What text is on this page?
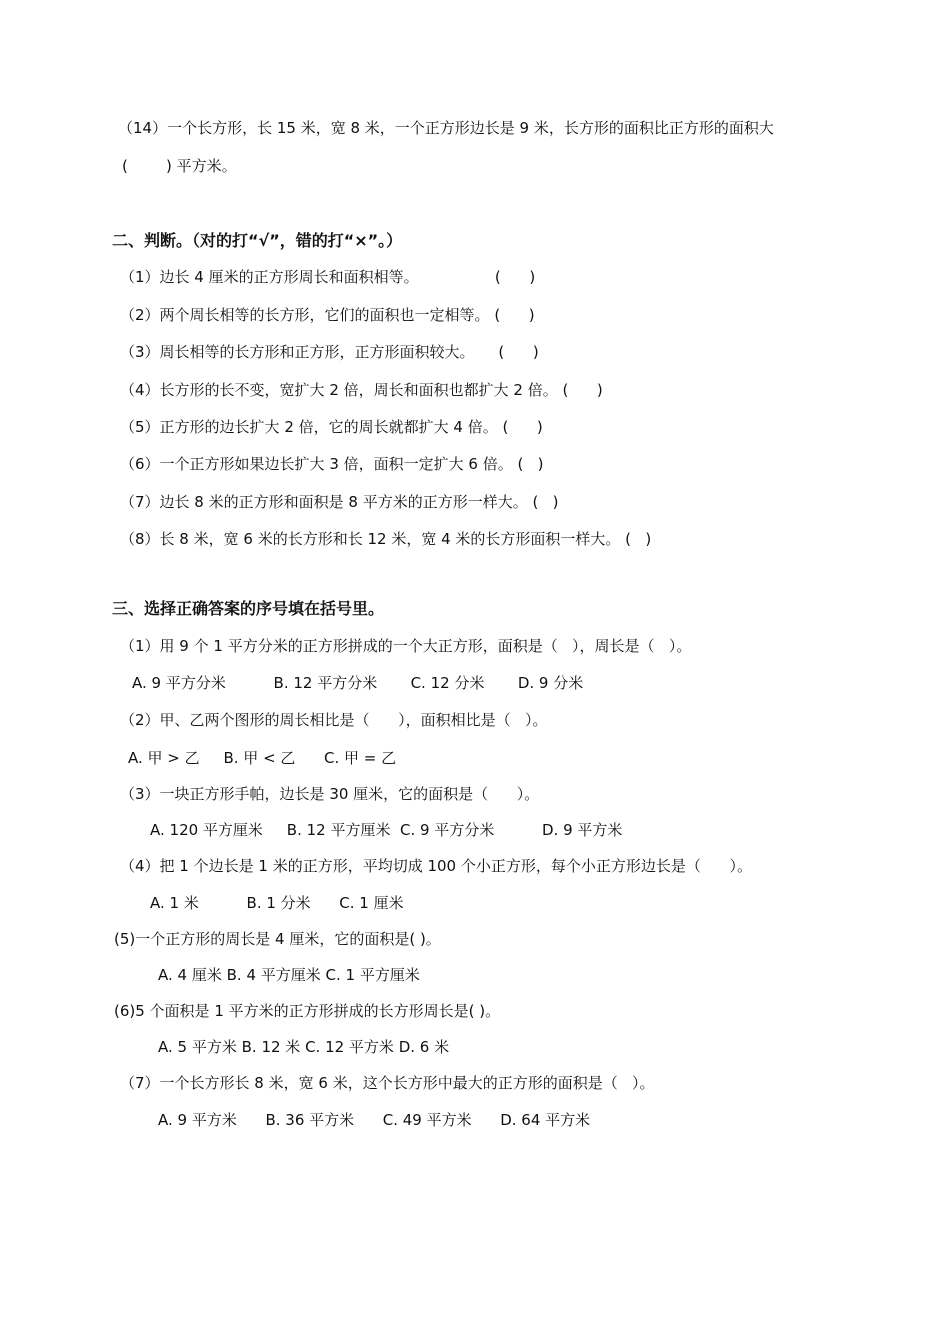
（14）一个长方形，长 15 米，宽 8 米，一个正方形边长是 9 米，长方形的面积比正方形的面积大
(        ) 平方米。
二、判断。（对的打“√”，错的打“×”。）
（1）边长 4 厘米的正方形周长和面积相等。                (      )
（2）两个周长相等的长方形，它们的面积也一定相等。 (      )
（3）周长相等的长方形和正方形，正方形面积较大。     (      )
（4）长方形的长不变，宽扩大 2 倍，周长和面积也都扩大 2 倍。 (      )
（5）正方形的边长扩大 2 倍，它的周长就都扩大 4 倍。 (      )
（6）一个正方形如果边长扩大 3 倍，面积一定扩大 6 倍。 (   )
（7）边长 8 米的正方形和面积是 8 平方米的正方形一样大。 (   )
（8）长 8 米，宽 6 米的长方形和长 12 米，宽 4 米的长方形面积一样大。 (   )
三、选择正确答案的序号填在括号里。
（1）用 9 个 1 平方分米的正方形拼成的一个大正方形，面积是（   ），周长是（   ）。
A. 9 平方分米          B. 12 平方分米       C. 12 分米       D. 9 分米
（2）甲、乙两个图形的周长相比是（      ），面积相比是（   ）。
A. 甲 > 乙     B. 甲 < 乙      C. 甲 = 乙
（3）一块正方形手帕，边长是 30 厘米，它的面积是（      ）。
A. 120 平方厘米     B. 12 平方厘米  C. 9 平方分米          D. 9 平方米
（4）把 1 个边长是 1 米的正方形，平均切成 100 个小正方形，每个小正方形边长是（      ）。
A. 1 米          B. 1 分米      C. 1 厘米
(5)一个正方形的周长是 4 厘米，它的面积是( )。
A. 4 厘米 B. 4 平方厘米 C. 1 平方厘米
(6)5 个面积是 1 平方米的正方形拼成的长方形周长是( )。
A. 5 平方米 B. 12 米 C. 12 平方米 D. 6 米
（7）一个长方形长 8 米，宽 6 米，这个长方形中最大的正方形的面积是（   ）。
A. 9 平方米      B. 36 平方米      C. 49 平方米      D. 64 平方米
